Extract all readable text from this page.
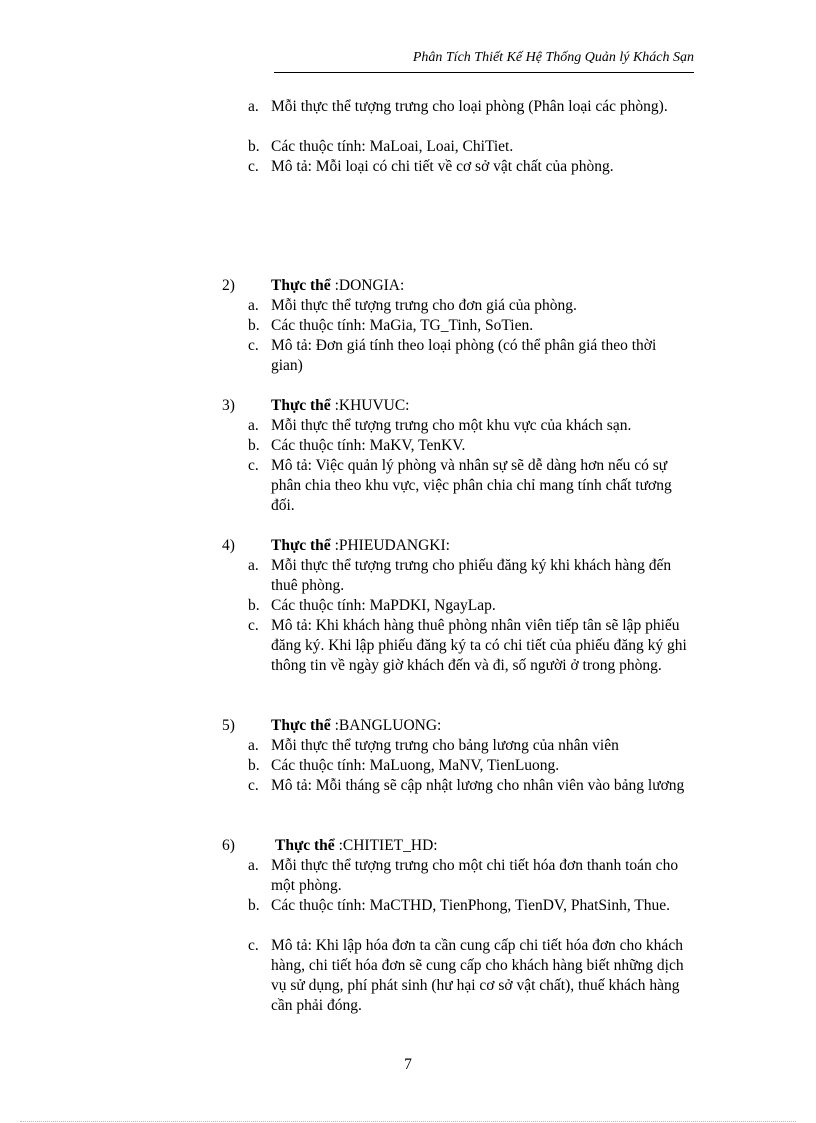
Phân Tích Thiết Kế Hệ Thống Quản lý Khách Sạn
a. Mỗi thực thể tượng trưng cho loại phòng (Phân loại các phòng).
b. Các thuộc tính: MaLoai, Loai, ChiTiet.
c. Mô tả: Mỗi loại có chi tiết về cơ sở vật chất của phòng.
2) Thực thể :DONGIA:
a. Mỗi thực thể tượng trưng cho đơn giá của phòng.
b. Các thuộc tính: MaGia, TG_Tinh, SoTien.
c. Mô tả: Đơn giá tính theo loại phòng (có thể phân giá theo thời gian)
3) Thực thể :KHUVUC:
a. Mỗi thực thể tượng trưng cho một khu vực của khách sạn.
b. Các thuộc tính: MaKV, TenKV.
c. Mô tả: Việc quản lý phòng và nhân sự sẽ dễ dàng hơn nếu có sự phân chia theo khu vực, việc phân chia chỉ mang tính chất tương đối.
4) Thực thể :PHIEUDANGKI:
a. Mỗi thực thể tượng trưng cho phiếu đăng ký khi khách hàng đến thuê phòng.
b. Các thuộc tính: MaPDKI, NgayLap.
c. Mô tả: Khi khách hàng thuê phòng nhân viên tiếp tân sẽ lập phiếu đăng ký. Khi lập phiếu đăng ký ta có chi tiết của phiếu đăng ký ghi thông tin về ngày giờ khách đến và đi, số người ở trong phòng.
5) Thực thể :BANGLUONG:
a. Mỗi thực thể tượng trưng cho bảng lương của nhân viên
b. Các thuộc tính: MaLuong, MaNV, TienLuong.
c. Mô tả: Mỗi tháng sẽ cập nhật lương cho nhân viên vào bảng lương
6)	Thực thể :CHITIET_HD:
a. Mỗi thực thể tượng trưng cho một chi tiết hóa đơn thanh toán cho một phòng.
b. Các thuộc tính: MaCTHD, TienPhong, TienDV, PhatSinh, Thue.
c. Mô tả: Khi lập hóa đơn ta cần cung cấp chi tiết hóa đơn cho khách hàng, chi tiết hóa đơn sẽ cung cấp cho khách hàng biết những dịch vụ sử dụng, phí phát sinh (hư hại cơ sở vật chất), thuế khách hàng cần phải đóng.
7
